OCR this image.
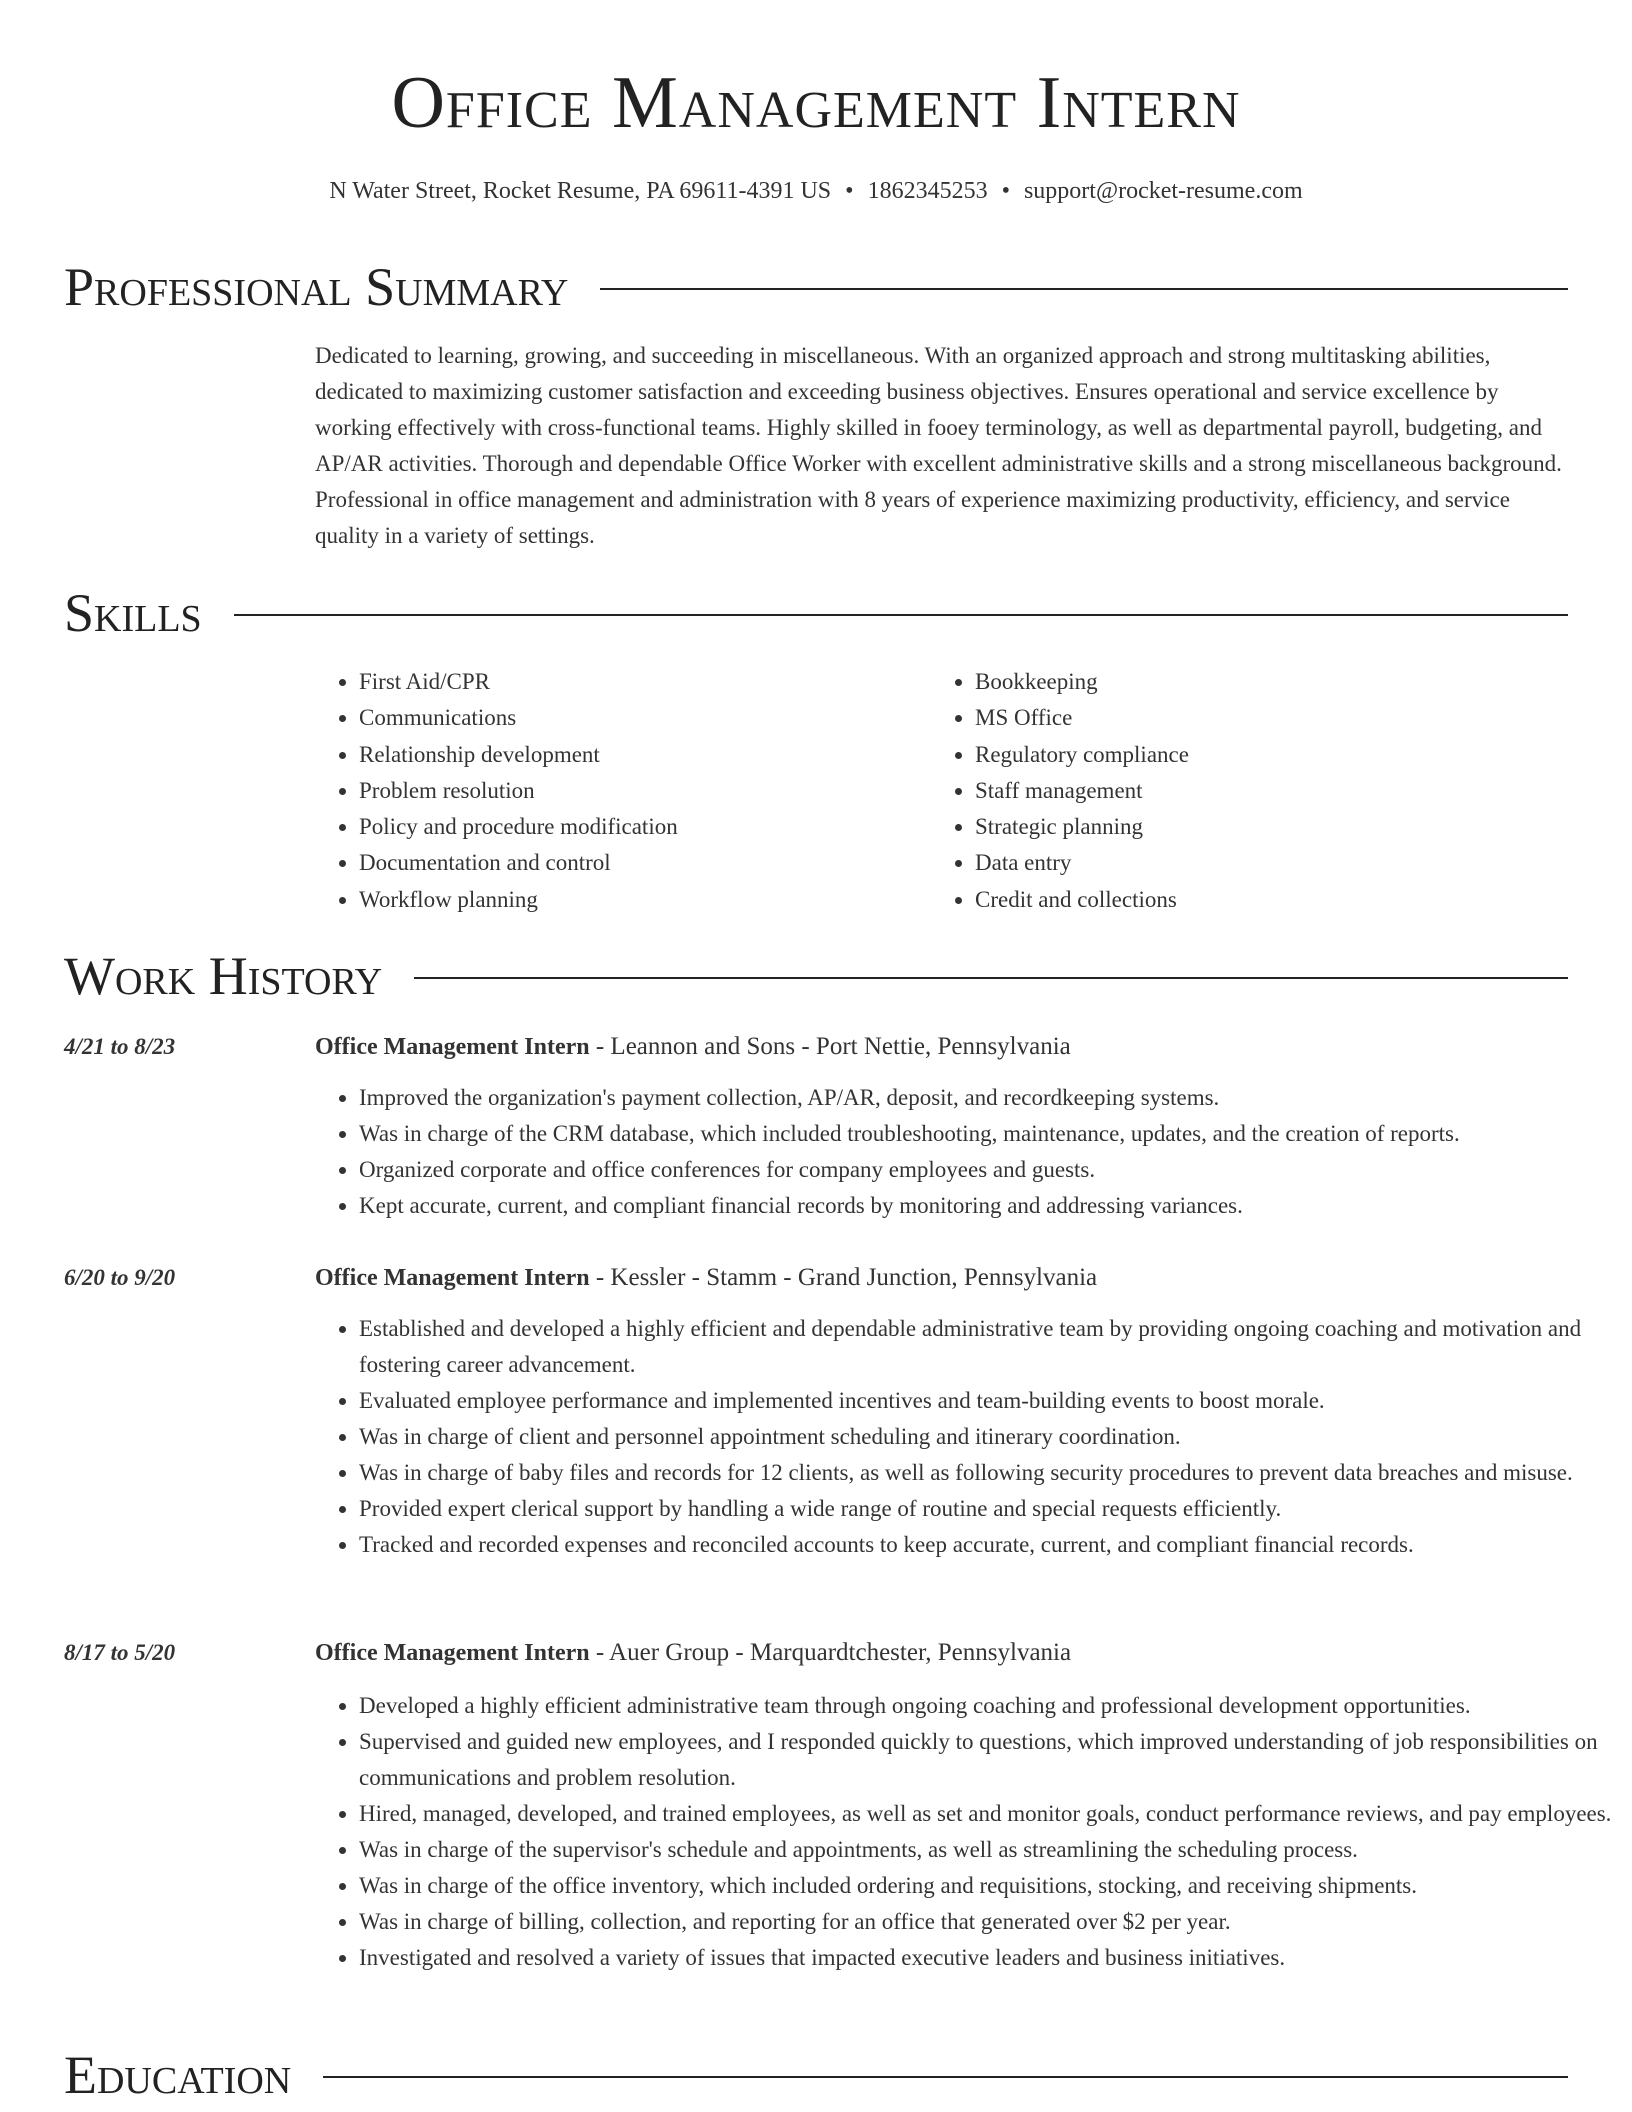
Office Management Intern
N Water Street, Rocket Resume, PA 69611-4391 US • 1862345253 • support@rocket-resume.com
Professional Summary
Dedicated to learning, growing, and succeeding in miscellaneous. With an organized approach and strong multitasking abilities, dedicated to maximizing customer satisfaction and exceeding business objectives. Ensures operational and service excellence by working effectively with cross-functional teams. Highly skilled in fooey terminology, as well as departmental payroll, budgeting, and AP/AR activities. Thorough and dependable Office Worker with excellent administrative skills and a strong miscellaneous background. Professional in office management and administration with 8 years of experience maximizing productivity, efficiency, and service quality in a variety of settings.
Skills
• First Aid/CPR
• Communications
• Relationship development
• Problem resolution
• Policy and procedure modification
• Documentation and control
• Workflow planning
• Bookkeeping
• MS Office
• Regulatory compliance
• Staff management
• Strategic planning
• Data entry
• Credit and collections
Work History
4/21 to 8/23	Office Management Intern - Leannon and Sons - Port Nettie, Pennsylvania
• Improved the organization's payment collection, AP/AR, deposit, and recordkeeping systems.
• Was in charge of the CRM database, which included troubleshooting, maintenance, updates, and the creation of reports.
• Organized corporate and office conferences for company employees and guests.
• Kept accurate, current, and compliant financial records by monitoring and addressing variances.
6/20 to 9/20	Office Management Intern - Kessler - Stamm - Grand Junction, Pennsylvania
• Established and developed a highly efficient and dependable administrative team by providing ongoing coaching and motivation and fostering career advancement.
• Evaluated employee performance and implemented incentives and team-building events to boost morale.
• Was in charge of client and personnel appointment scheduling and itinerary coordination.
• Was in charge of baby files and records for 12 clients, as well as following security procedures to prevent data breaches and misuse.
• Provided expert clerical support by handling a wide range of routine and special requests efficiently.
• Tracked and recorded expenses and reconciled accounts to keep accurate, current, and compliant financial records.
8/17 to 5/20	Office Management Intern - Auer Group - Marquardtchester, Pennsylvania
• Developed a highly efficient administrative team through ongoing coaching and professional development opportunities.
• Supervised and guided new employees, and I responded quickly to questions, which improved understanding of job responsibilities on communications and problem resolution.
• Hired, managed, developed, and trained employees, as well as set and monitor goals, conduct performance reviews, and pay employees.
• Was in charge of the supervisor's schedule and appointments, as well as streamlining the scheduling process.
• Was in charge of the office inventory, which included ordering and requisitions, stocking, and receiving shipments.
• Was in charge of billing, collection, and reporting for an office that generated over $2 per year.
• Investigated and resolved a variety of issues that impacted executive leaders and business initiatives.
Education
